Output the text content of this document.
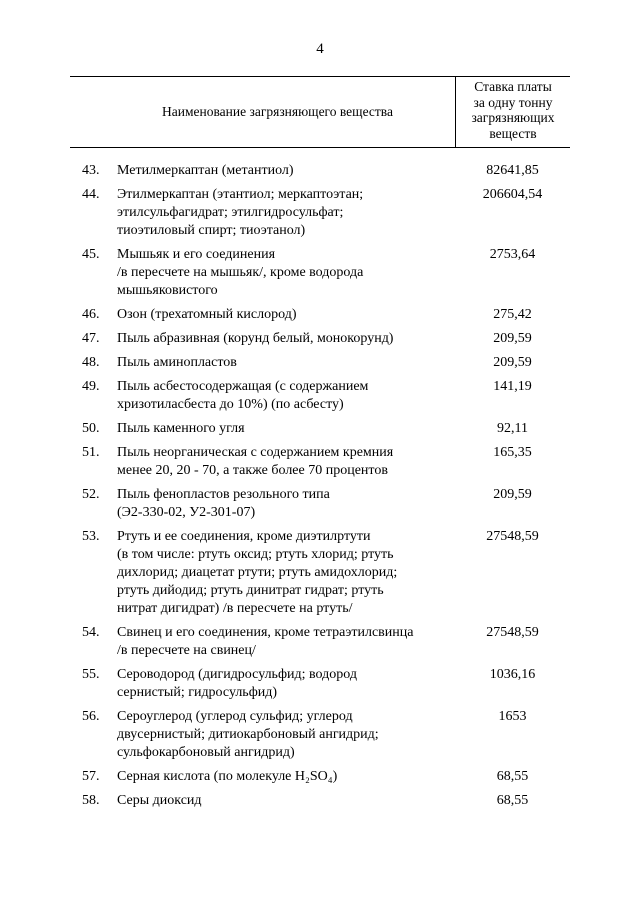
4
Наименование загрязняющего вещества
Ставка платы
за одну тонну
загрязняющих
веществ
43.	Метилмеркаптан (метантиол)	82641,85
44.	Этилмеркаптан (этантиол; меркаптоэтан;
этилсульфагидрат; этилгидросульфат;
тиоэтиловый спирт; тиоэтанол)
206604,54
45.	Мышьяк и его соединения
/в пересчете на мышьяк/, кроме водорода
мышьяковистого
2753,64
46.	Озон (трехатомный кислород)	275,42
47.	Пыль абразивная (корунд белый, монокорунд)	209,59
48.	Пыль аминопластов	209,59
49.	Пыль асбестосодержащая (с содержанием
хризотиласбеста до 10%) (по асбесту)
141,19
50.	Пыль каменного угля	92,11
51.	Пыль неорганическая с содержанием кремния
менее 20, 20 - 70, а также более 70 процентов
165,35
52.	Пыль фенопластов резольного типа
(Э2-330-02, У2-301-07)
209,59
53.	Ртуть и ее соединения, кроме диэтилртути
(в том числе: ртуть оксид; ртуть хлорид; ртуть
дихлорид; диацетат ртути; ртуть амидохлорид;
ртуть дийодид; ртуть динитрат гидрат; ртуть
нитрат дигидрат) /в пересчете на ртуть/
27548,59
54.	Свинец и его соединения, кроме тетраэтилсвинца
/в пересчете на свинец/
27548,59
55.	Сероводород (дигидросульфид; водород
сернистый; гидросульфид)
1036,16
56.	Сероуглерод (углерод сульфид; углерод
двусернистый; дитиокарбоновый ангидрид;
сульфокарбоновый ангидрид)
1653
57.	Серная кислота (по молекуле H₂SO₄)	68,55
58.	Серы диоксид	68,55
